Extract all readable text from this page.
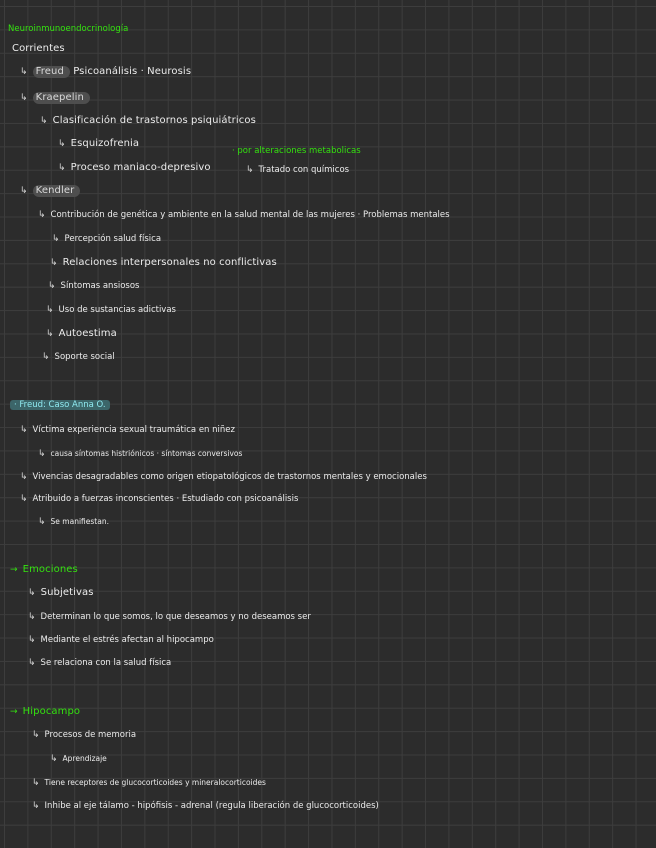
Neuroinmunoendocrinología
Corrientes
↳ Freud Psicoanálisis · Neurosis
↳ Kraepelin
↳ Clasificación de trastornos psiquiátricos
↳ Esquizofrenia
· por alteraciones metabolicas
↳ Proceso maniaco-depresivo	↳ Tratado con químicos
↳ Kendler
↳ Contribución de genética y ambiente en la salud mental de las mujeres · Problemas mentales
↳ Percepción salud física
↳ Relaciones interpersonales no conflictivas
↳ Síntomas ansiosos
↳ Uso de sustancias adictivas
↳ Autoestima
↳ Soporte social
· Freud: Caso Anna O.
↳ Víctima experiencia sexual traumática en niñez
↳ causa síntomas histriónicos · síntomas conversivos
↳ Vivencias desagradables como origen etiopatológicos de trastornos mentales y emocionales
↳ Atribuido a fuerzas inconscientes · Estudiado con psicoanálisis
↳ Se manifiestan.
→ Emociones
↳ Subjetivas
↳ Determinan lo que somos, lo que deseamos y no deseamos ser
↳ Mediante el estrés afectan al hipocampo
↳ Se relaciona con la salud física
→ Hipocampo
↳ Procesos de memoria
↳ Aprendizaje
↳ Tiene receptores de glucocorticoides y mineralocorticoides
↳ Inhibe al eje tálamo - hipófisis - adrenal (regula liberación de glucocorticoides)
